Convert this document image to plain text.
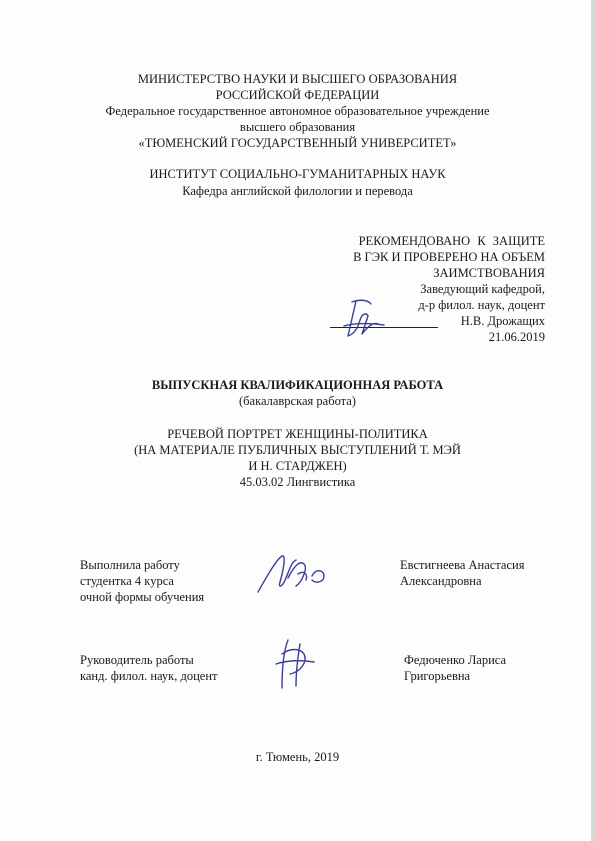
МИНИСТЕРСТВО НАУКИ И ВЫСШЕГО ОБРАЗОВАНИЯ
РОССИЙСКОЙ ФЕДЕРАЦИИ
Федеральное государственное автономное образовательное учреждение
высшего образования
«ТЮМЕНСКИЙ ГОСУДАРСТВЕННЫЙ УНИВЕРСИТЕТ»
ИНСТИТУТ СОЦИАЛЬНО-ГУМАНИТАРНЫХ НАУК
Кафедра английской филологии и перевода
РЕКОМЕНДОВАНО К ЗАЩИТЕ
В ГЭК И ПРОВЕРЕНО НА ОБЪЕМ
ЗАИМСТВОВАНИЯ
Заведующий кафедрой,
д-р филол. наук, доцент
Н.В. Дрожащих
21.06.2019
ВЫПУСКНАЯ КВАЛИФИКАЦИОННАЯ РАБОТА
(бакалаврская работа)
РЕЧЕВОЙ ПОРТРЕТ ЖЕНЩИНЫ-ПОЛИТИКА
(НА МАТЕРИАЛЕ ПУБЛИЧНЫХ ВЫСТУПЛЕНИЙ Т. МЭЙ
И Н. СТАРДЖЕН)
45.03.02 Лингвистика
Выполнила работу
студентка 4 курса
очной формы обучения
Евстигнеева Анастасия
Александровна
Руководитель работы
канд. филол. наук, доцент
Федюченко Лариса
Григорьевна
г. Тюмень, 2019
